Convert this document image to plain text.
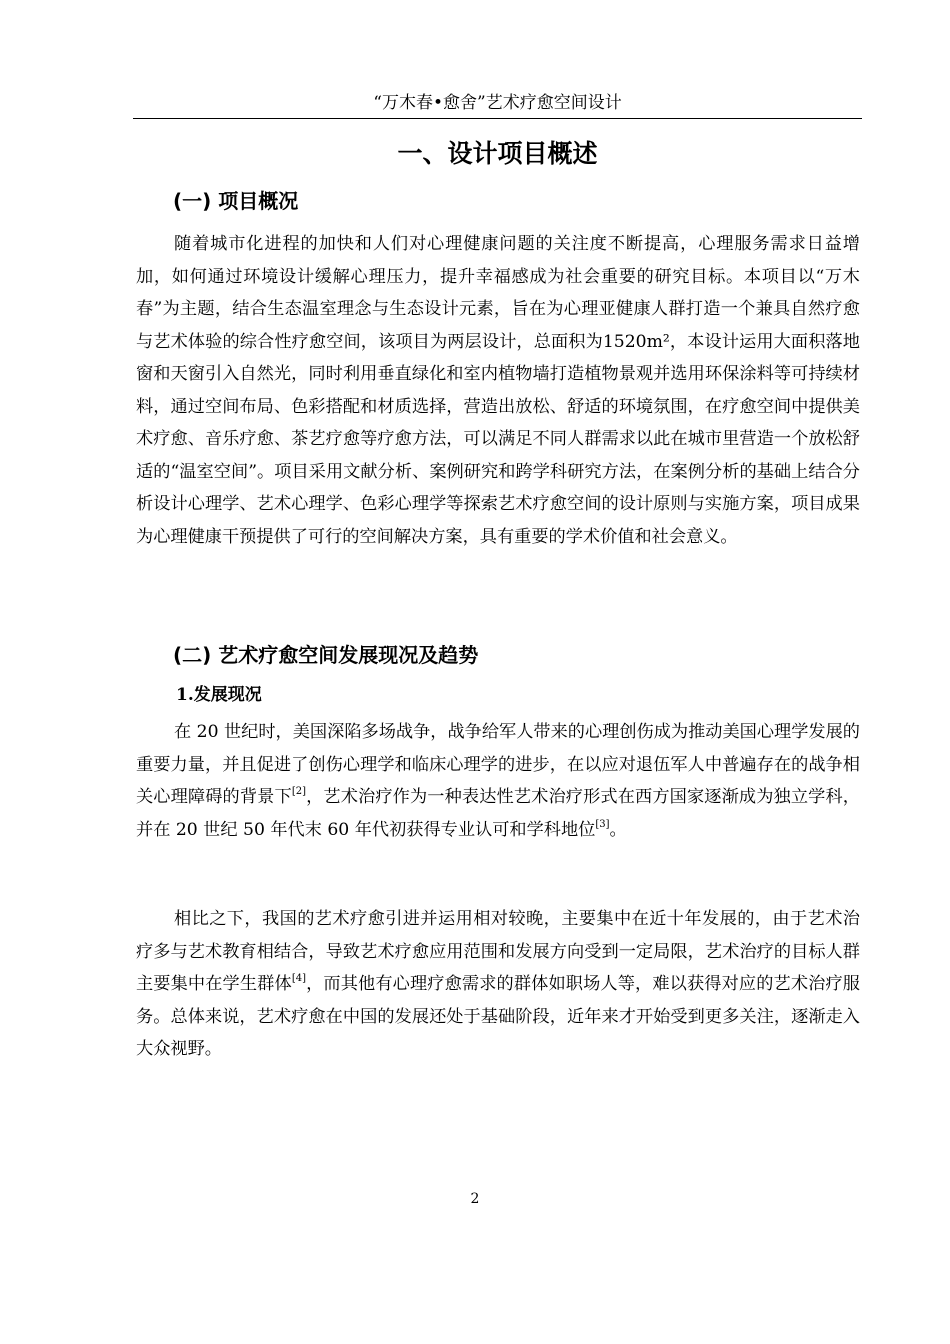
“万木春•愈舍”艺术疗愈空间设计
一、设计项目概述
(一) 项目概况

随着城市化进程的加快和人们对心理健康问题的关注度不断提高，心理服务需求日益增加，如何通过环境设计缓解心理压力，提升幸福感成为社会重要的研究目标。本项目以“万木春”为主题，结合生态温室理念与生态设计元素，旨在为心理亚健康人群打造一个兼具自然疗愈与艺术体验的综合性疗愈空间，该项目为两层设计，总面积为1520m²，本设计运用大面积落地窗和天窗引入自然光，同时利用垂直绿化和室内植物墙打造植物景观并选用环保涂料等可持续材料，通过空间布局、色彩搭配和材质选择，营造出放松、舒适的环境氛围，在疗愈空间中提供美术疗愈、音乐疗愈、茶艺疗愈等疗愈方法，可以满足不同人群需求以此在城市里营造一个放松舒适的“温室空间”。项目采用文献分析、案例研究和跨学科研究方法，在案例分析的基础上结合分析设计心理学、艺术心理学、色彩心理学等探索艺术疗愈空间的设计原则与实施方案，项目成果为心理健康干预提供了可行的空间解决方案，具有重要的学术价值和社会意义。

(二) 艺术疗愈空间发展现况及趋势
1.发展现况

在 20 世纪时，美国深陷多场战争，战争给军人带来的心理创伤成为推动美国心理学发展的重要力量，并且促进了创伤心理学和临床心理学的进步，在以应对退伍军人中普遍存在的战争相关心理障碍的背景下[2]，艺术治疗作为一种表达性艺术治疗形式在西方国家逐渐成为独立学科，并在 20 世纪 50 年代末 60 年代初获得专业认可和学科地位[3]。

相比之下，我国的艺术疗愈引进并运用相对较晚，主要集中在近十年发展的，由于艺术治疗多与艺术教育相结合，导致艺术疗愈应用范围和发展方向受到一定局限，艺术治疗的目标人群主要集中在学生群体[4]，而其他有心理疗愈需求的群体如职场人等，难以获得对应的艺术治疗服务。总体来说，艺术疗愈在中国的发展还处于基础阶段，近年来才开始受到更多关注，逐渐走入大众视野。

2
